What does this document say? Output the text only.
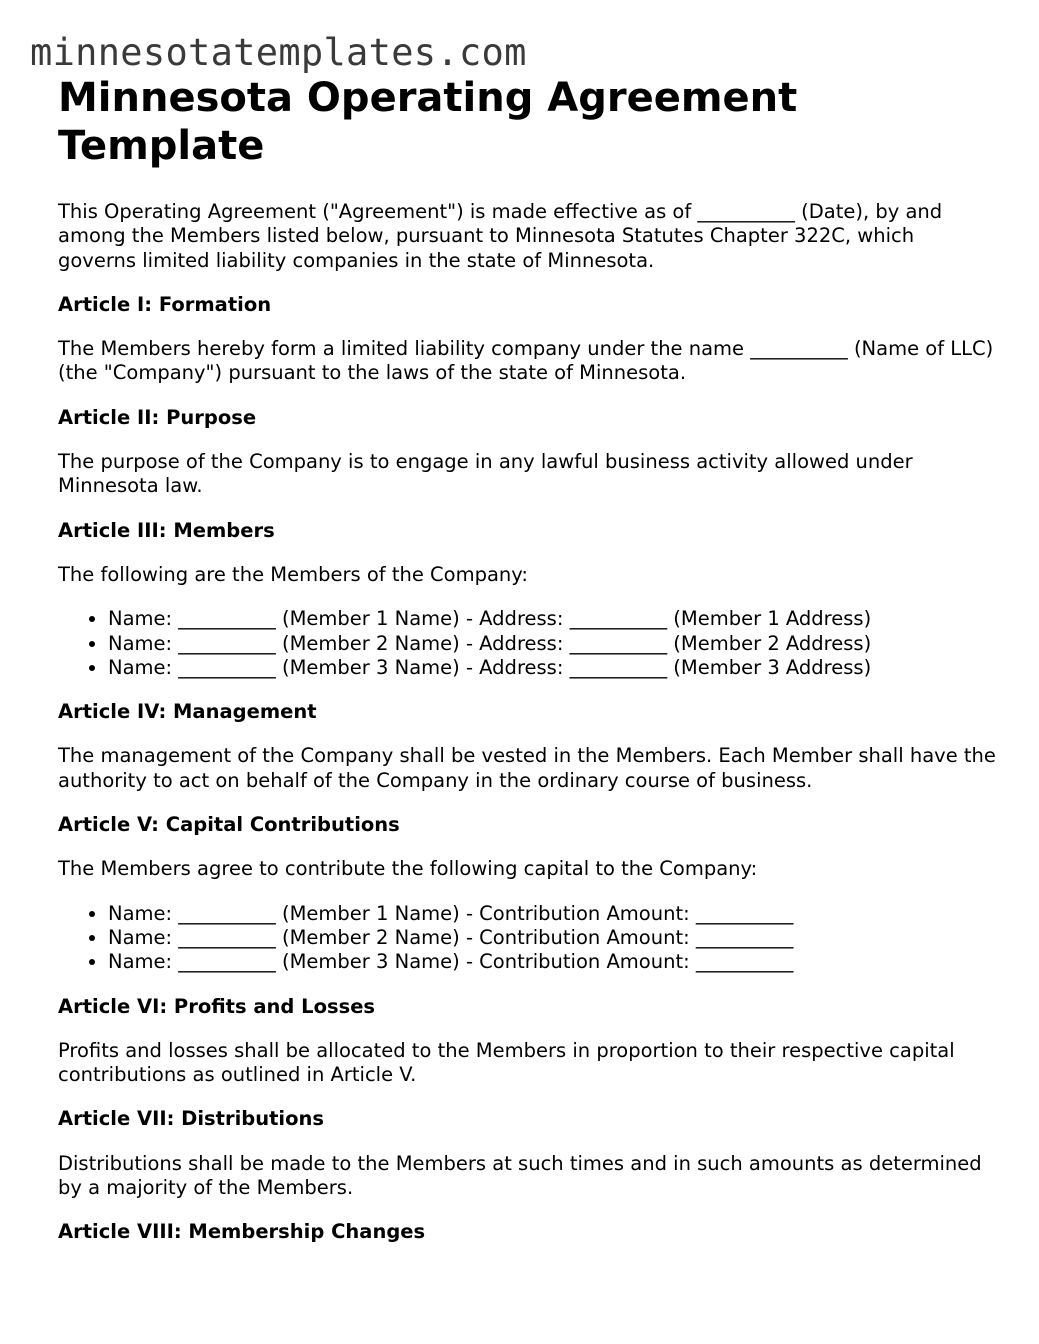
minnesotatemplates.com
Minnesota Operating Agreement Template

This Operating Agreement ("Agreement") is made effective as of __________ (Date), by and among the Members listed below, pursuant to Minnesota Statutes Chapter 322C, which governs limited liability companies in the state of Minnesota.

Article I: Formation

The Members hereby form a limited liability company under the name __________ (Name of LLC) (the "Company") pursuant to the laws of the state of Minnesota.

Article II: Purpose

The purpose of the Company is to engage in any lawful business activity allowed under Minnesota law.

Article III: Members

The following are the Members of the Company:

• Name: __________ (Member 1 Name) - Address: __________ (Member 1 Address)
• Name: __________ (Member 2 Name) - Address: __________ (Member 2 Address)
• Name: __________ (Member 3 Name) - Address: __________ (Member 3 Address)
Article IV: Management

The management of the Company shall be vested in the Members. Each Member shall have the authority to act on behalf of the Company in the ordinary course of business.

Article V: Capital Contributions

The Members agree to contribute the following capital to the Company:

• Name: __________ (Member 1 Name) - Contribution Amount: __________
• Name: __________ (Member 2 Name) - Contribution Amount: __________
• Name: __________ (Member 3 Name) - Contribution Amount: __________
Article VI: Profits and Losses

Profits and losses shall be allocated to the Members in proportion to their respective capital contributions as outlined in Article V.

Article VII: Distributions

Distributions shall be made to the Members at such times and in such amounts as determined by a majority of the Members.

Article VIII: Membership Changes
